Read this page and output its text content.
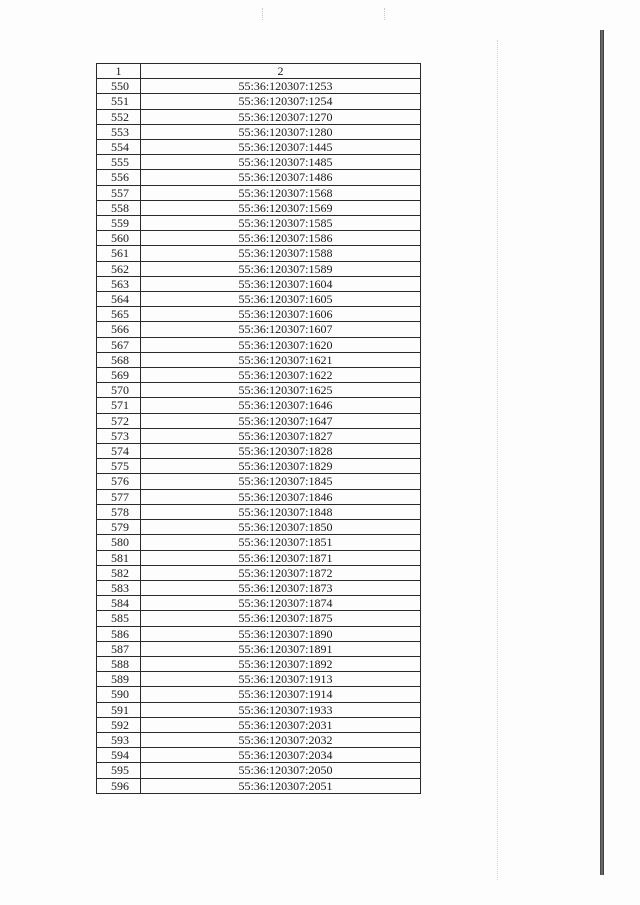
1	2
550	55:36:120307:1253
551	55:36:120307:1254
552	55:36:120307:1270
553	55:36:120307:1280
554	55:36:120307:1445
555	55:36:120307:1485
556	55:36:120307:1486
557	55:36:120307:1568
558	55:36:120307:1569
559	55:36:120307:1585
560	55:36:120307:1586
561	55:36:120307:1588
562	55:36:120307:1589
563	55:36:120307:1604
564	55:36:120307:1605
565	55:36:120307:1606
566	55:36:120307:1607
567	55:36:120307:1620
568	55:36:120307:1621
569	55:36:120307:1622
570	55:36:120307:1625
571	55:36:120307:1646
572	55:36:120307:1647
573	55:36:120307:1827
574	55:36:120307:1828
575	55:36:120307:1829
576	55:36:120307:1845
577	55:36:120307:1846
578	55:36:120307:1848
579	55:36:120307:1850
580	55:36:120307:1851
581	55:36:120307:1871
582	55:36:120307:1872
583	55:36:120307:1873
584	55:36:120307:1874
585	55:36:120307:1875
586	55:36:120307:1890
587	55:36:120307:1891
588	55:36:120307:1892
589	55:36:120307:1913
590	55:36:120307:1914
591	55:36:120307:1933
592	55:36:120307:2031
593	55:36:120307:2032
594	55:36:120307:2034
595	55:36:120307:2050
596	55:36:120307:2051
